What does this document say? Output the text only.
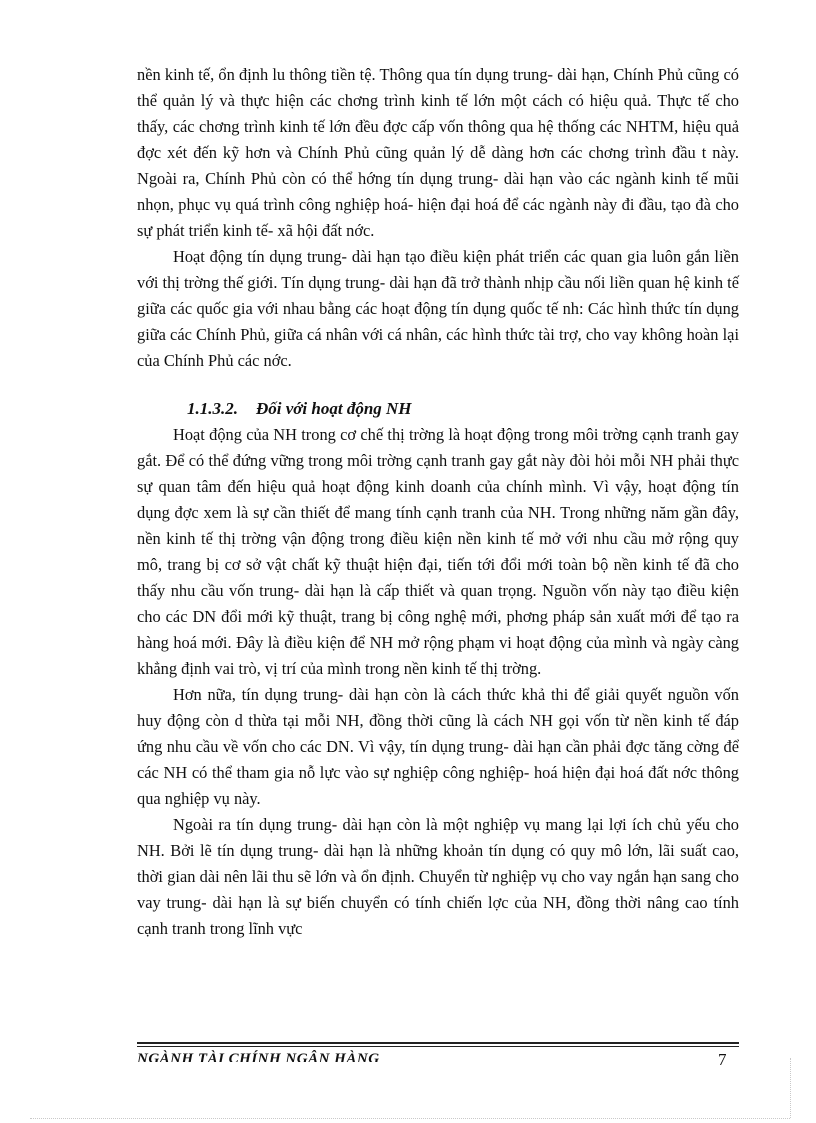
nền kinh tế, ổn định lu thông tiền tệ. Thông qua tín dụng trung- dài hạn, Chính Phủ cũng có thể quản lý và thực hiện các chơng trình kinh tế lớn một cách có hiệu quả. Thực tế cho thấy, các chơng trình kinh tế lớn đều đợc cấp vốn thông qua hệ thống các NHTM, hiệu quả đợc xét đến kỹ hơn và Chính Phủ cũng quản lý dễ dàng hơn các chơng trình đầu t này. Ngoài ra, Chính Phủ còn có thể hớng tín dụng trung- dài hạn vào các ngành kinh tế mũi nhọn, phục vụ quá trình công nghiệp hoá- hiện đại hoá để các ngành này đi đầu, tạo đà cho sự phát triển kinh tế- xã hội đất nớc.

Hoạt động tín dụng trung- dài hạn tạo điều kiện phát triển các quan gia luôn gắn liền với thị trờng thế giới. Tín dụng trung- dài hạn đã trở thành nhịp cầu nối liền quan hệ kinh tế giữa các quốc gia với nhau bằng các hoạt động tín dụng quốc tế nh: Các hình thức tín dụng giữa các Chính Phủ, giữa cá nhân với cá nhân, các hình thức tài trợ, cho vay không hoàn lại của Chính Phủ các nớc.

1.1.3.2. Đối với hoạt động NH

Hoạt động của NH trong cơ chế thị trờng là hoạt động trong môi trờng cạnh tranh gay gắt. Để có thể đứng vững trong môi trờng cạnh tranh gay gắt này đòi hỏi mỗi NH phải thực sự quan tâm đến hiệu quả hoạt động kinh doanh của chính mình. Vì vậy, hoạt động tín dụng đợc xem là sự cần thiết để mang tính cạnh tranh của NH. Trong những năm gần đây, nền kinh tế thị trờng vận động trong điều kiện nền kinh tế mở với nhu cầu mở rộng quy mô, trang bị cơ sở vật chất kỹ thuật hiện đại, tiến tới đổi mới toàn bộ nền kinh tế đã cho thấy nhu cầu vốn trung- dài hạn là cấp thiết và quan trọng. Nguồn vốn này tạo điều kiện cho các DN đổi mới kỹ thuật, trang bị công nghệ mới, phơng pháp sản xuất mới để tạo ra hàng hoá mới. Đây là điều kiện để NH mở rộng phạm vi hoạt động của mình và ngày càng khẳng định vai trò, vị trí của mình trong nền kinh tế thị trờng.

Hơn nữa, tín dụng trung- dài hạn còn là cách thức khả thi để giải quyết nguồn vốn huy động còn d thừa tại mỗi NH, đồng thời cũng là cách NH gọi vốn từ nền kinh tế đáp ứng nhu cầu về vốn cho các DN. Vì vậy, tín dụng trung- dài hạn cần phải đợc tăng cờng để các NH có thể tham gia nỗ lực vào sự nghiệp công nghiệp- hoá hiện đại hoá đất nớc thông qua nghiệp vụ này.

Ngoài ra tín dụng trung- dài hạn còn là một nghiệp vụ mang lại lợi ích chủ yếu cho NH. Bởi lẽ tín dụng trung- dài hạn là những khoản tín dụng có quy mô lớn, lãi suất cao, thời gian dài nên lãi thu sẽ lớn và ổn định. Chuyển từ nghiệp vụ cho vay ngắn hạn sang cho vay trung- dài hạn là sự biến chuyển có tính chiến lợc của NH, đồng thời nâng cao tính cạnh tranh trong lĩnh vực

NGÀNH TÀI CHÍNH NGÂN HÀNG	7
